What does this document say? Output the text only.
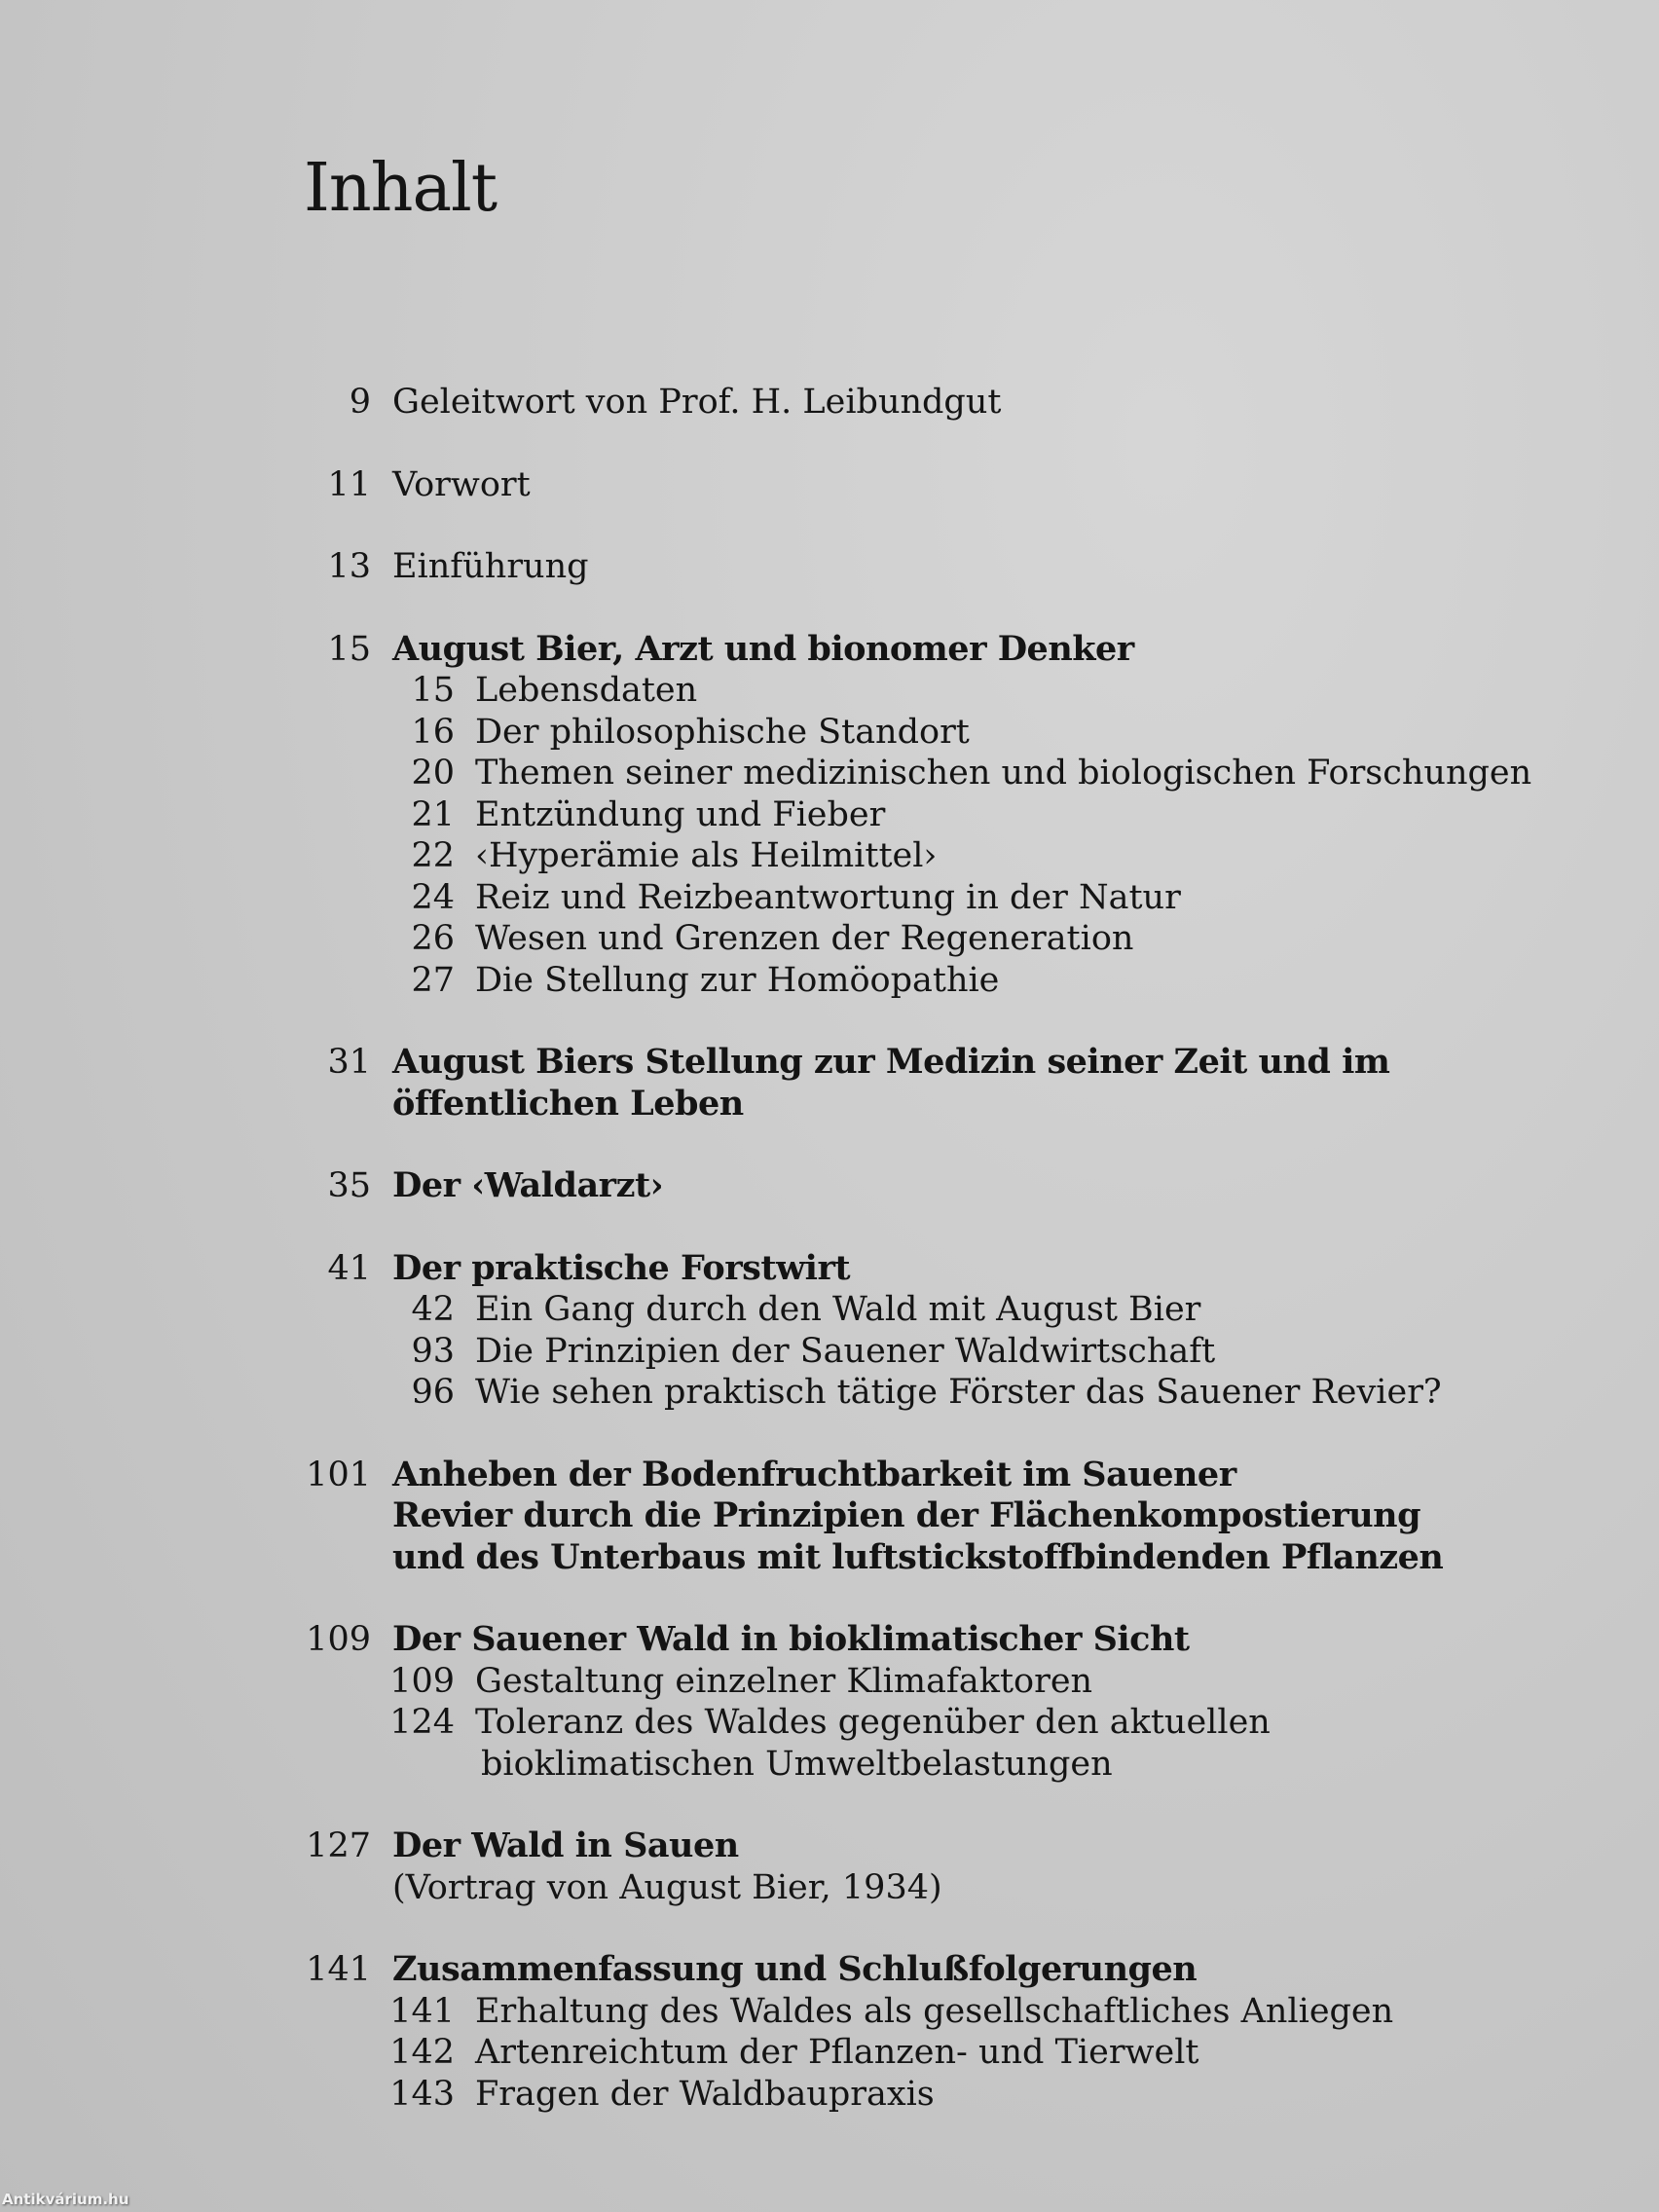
Inhalt
9 Geleitwort von Prof. H. Leibundgut
11 Vorwort
13 Einführung
15 August Bier, Arzt und bionomer Denker
15 Lebensdaten
16 Der philosophische Standort
20 Themen seiner medizinischen und biologischen Forschungen
21 Entzündung und Fieber
22 ‹Hyperämie als Heilmittel›
24 Reiz und Reizbeantwortung in der Natur
26 Wesen und Grenzen der Regeneration
27 Die Stellung zur Homöopathie
31 August Biers Stellung zur Medizin seiner Zeit und im
öffentlichen Leben
35 Der ‹Waldarzt›
41 Der praktische Forstwirt
42 Ein Gang durch den Wald mit August Bier
93 Die Prinzipien der Sauener Waldwirtschaft
96 Wie sehen praktisch tätige Förster das Sauener Revier?
101 Anheben der Bodenfruchtbarkeit im Sauener
Revier durch die Prinzipien der Flächenkompostierung
und des Unterbaus mit luftstickstoffbindenden Pflanzen
109 Der Sauener Wald in bioklimatischer Sicht
109 Gestaltung einzelner Klimafaktoren
124 Toleranz des Waldes gegenüber den aktuellen
bioklimatischen Umweltbelastungen
127 Der Wald in Sauen
(Vortrag von August Bier, 1934)
141 Zusammenfassung und Schlußfolgerungen
141 Erhaltung des Waldes als gesellschaftliches Anliegen
142 Artenreichtum der Pflanzen- und Tierwelt
143 Fragen der Waldbaupraxis
Antikvárium.hu
